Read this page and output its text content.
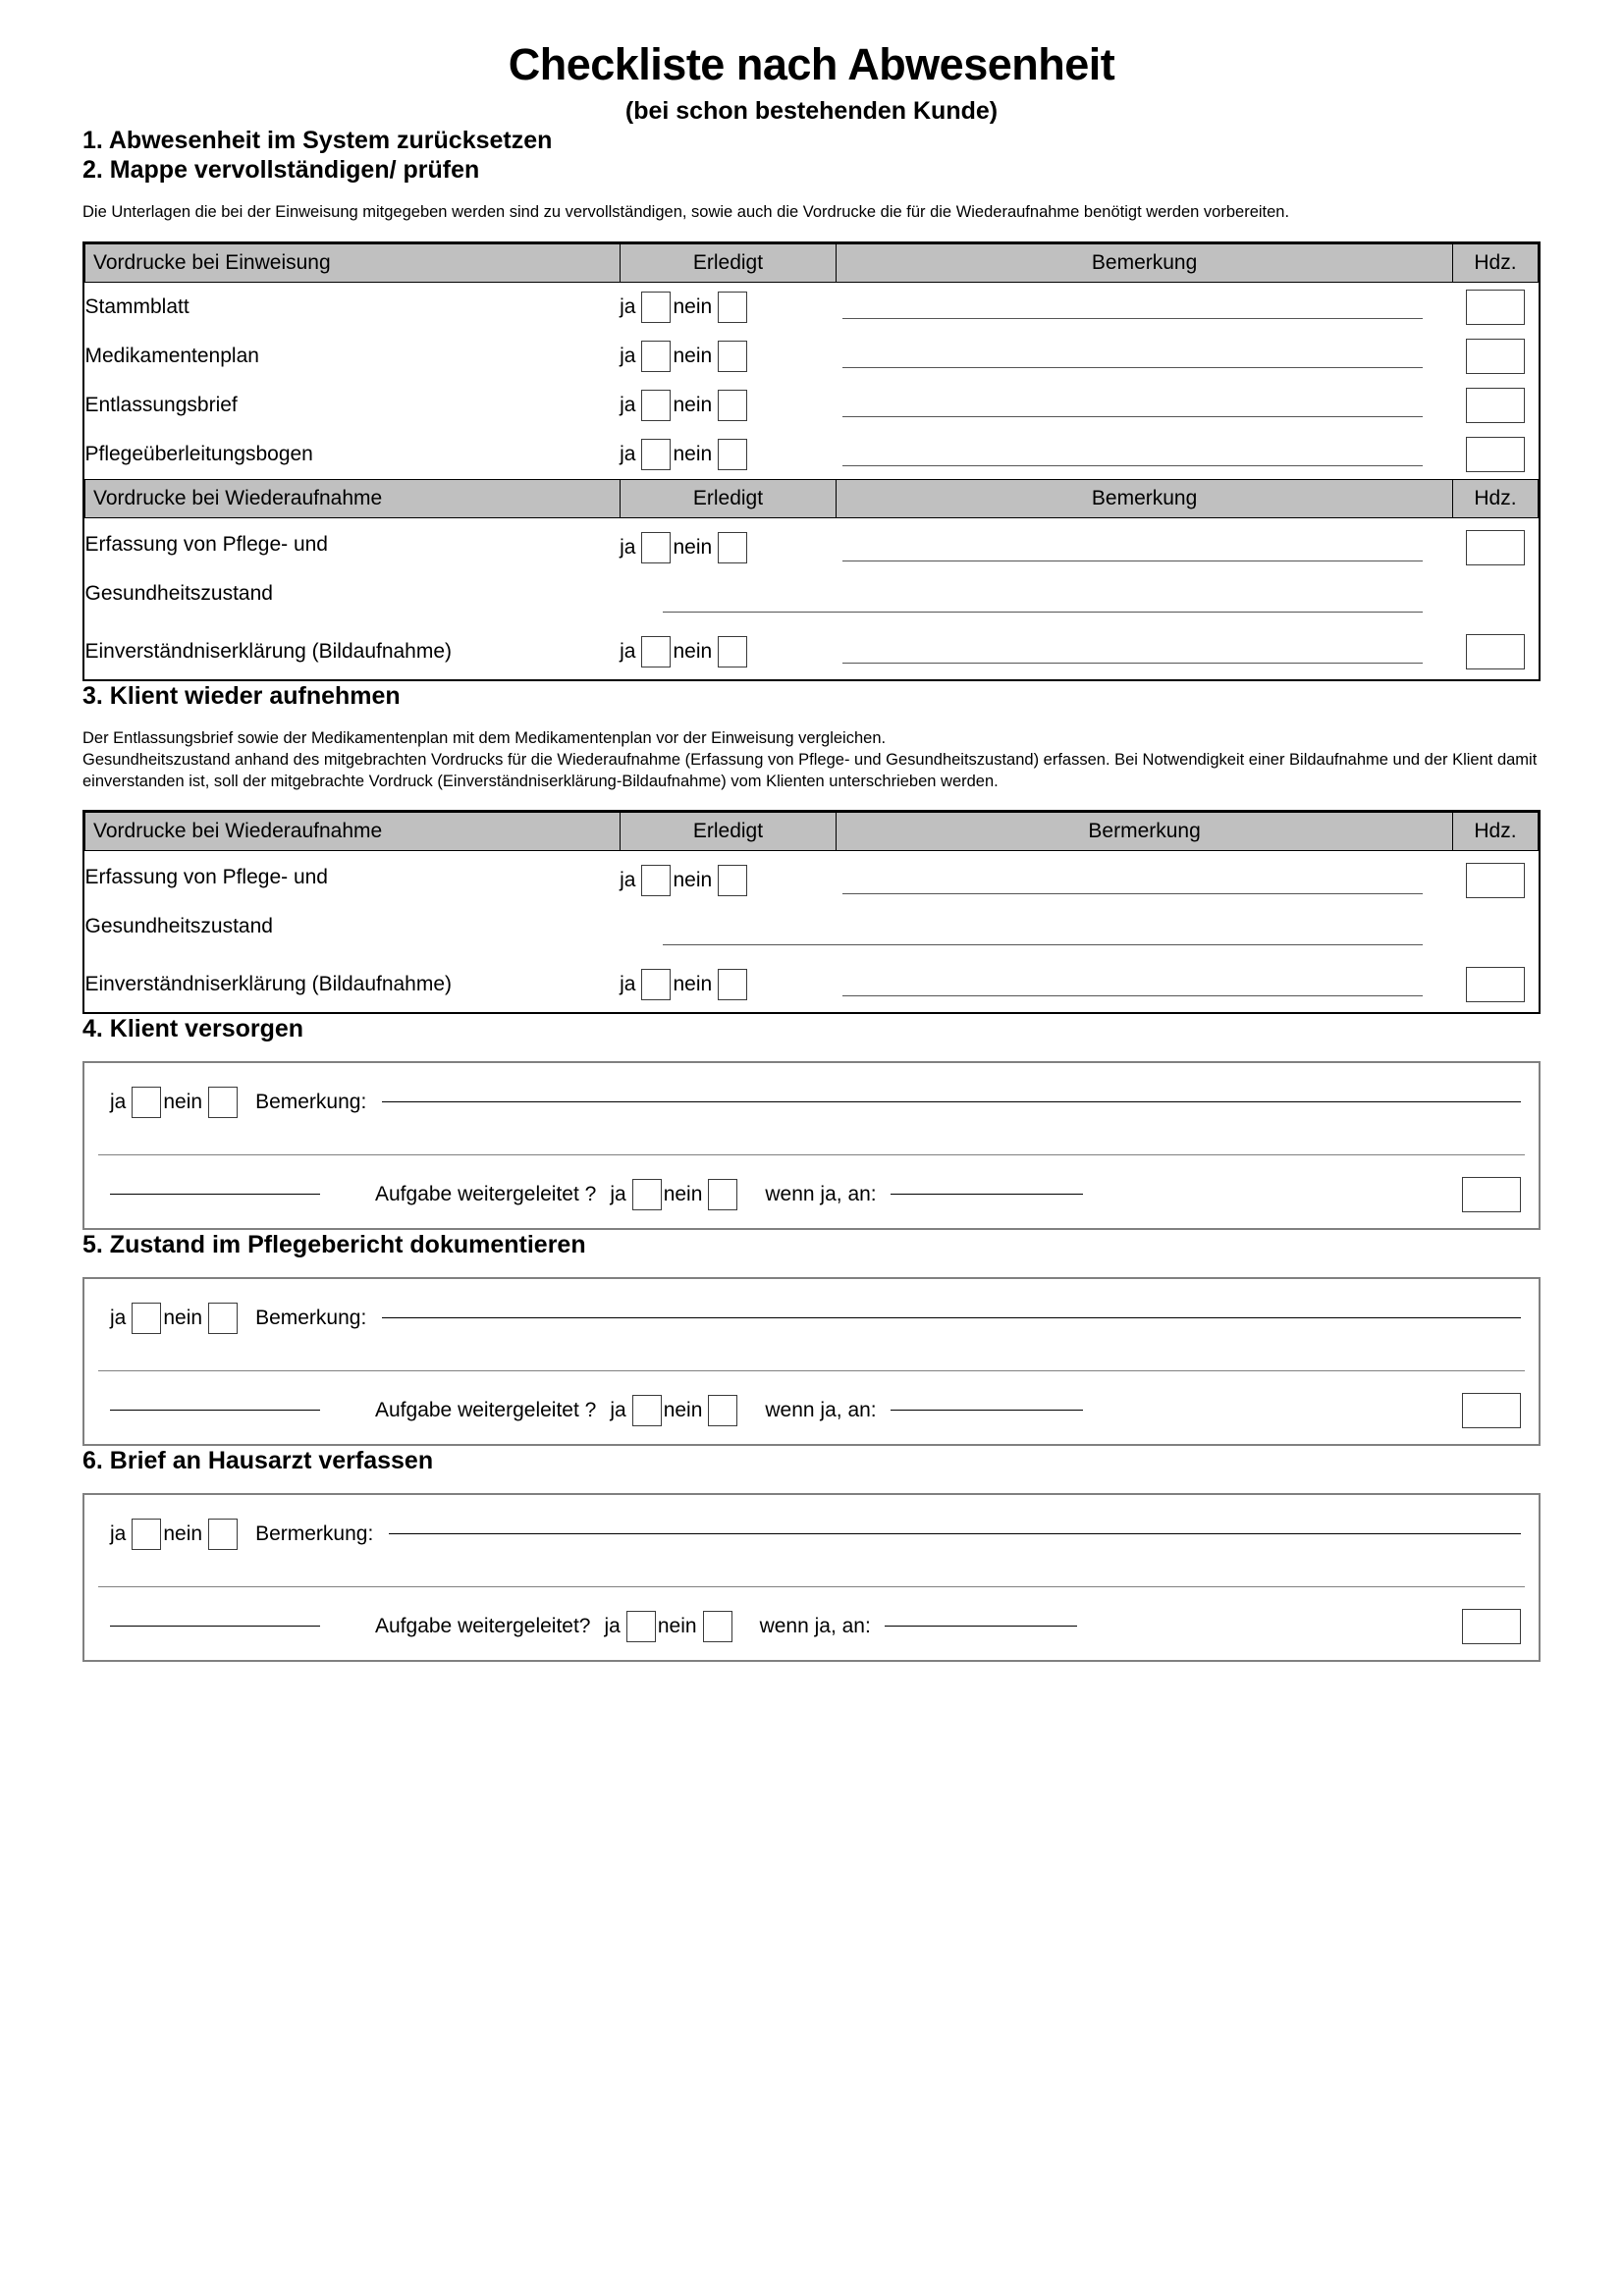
Checkliste nach Abwesenheit
(bei schon bestehenden Kunde)
1. Abwesenheit im System zurücksetzen
2. Mappe vervollständigen/ prüfen

Die Unterlagen die bei der Einweisung mitgegeben werden sind zu vervollständigen, sowie auch die Vordrucke die für die Wiederaufnahme benötigt werden vorbereiten.

Vordrucke bei Einweisung	Erledigt	Bemerkung	Hdz.
Stammblatt	ja nein	

Medikamentenplan	ja nein	

Entlassungsbrief	ja nein	

Pflegeüberleitungsbogen	ja nein	

Vordrucke bei Wiederaufnahme	Erledigt	Bemerkung	Hdz.
Erfassung von Pflege- und	ja nein	

Gesundheitszustand		

Einverständniserklärung (Bildaufnahme)	ja nein	

3. Klient wieder aufnehmen

Der Entlassungsbrief sowie der Medikamentenplan mit dem Medikamentenplan vor der Einweisung vergleichen.

Gesundheitszustand anhand des mitgebrachten Vordrucks für die Wiederaufnahme (Erfassung von Pflege- und Gesundheitszustand) erfassen. Bei Notwendigkeit einer Bildaufnahme und der Klient damit einverstanden ist, soll der mitgebrachte Vordruck (Einverständniserklärung-Bildaufnahme) vom Klienten unterschrieben werden.

Vordrucke bei Wiederaufnahme	Erledigt	Bermerkung	Hdz.
Erfassung von Pflege- und	ja nein	

Gesundheitszustand		

Einverständniserklärung (Bildaufnahme)	ja nein	

4. Klient versorgen
ja nein	Bemerkung:
Aufgabe weitergeleitet ? ja nein	wenn ja, an:
5. Zustand im Pflegebericht dokumentieren
ja nein	Bemerkung:
Aufgabe weitergeleitet ? ja nein	wenn ja, an:
6. Brief an Hausarzt verfassen
ja nein	Bermerkung:
Aufgabe weitergeleitet? ja nein	wenn ja, an:
